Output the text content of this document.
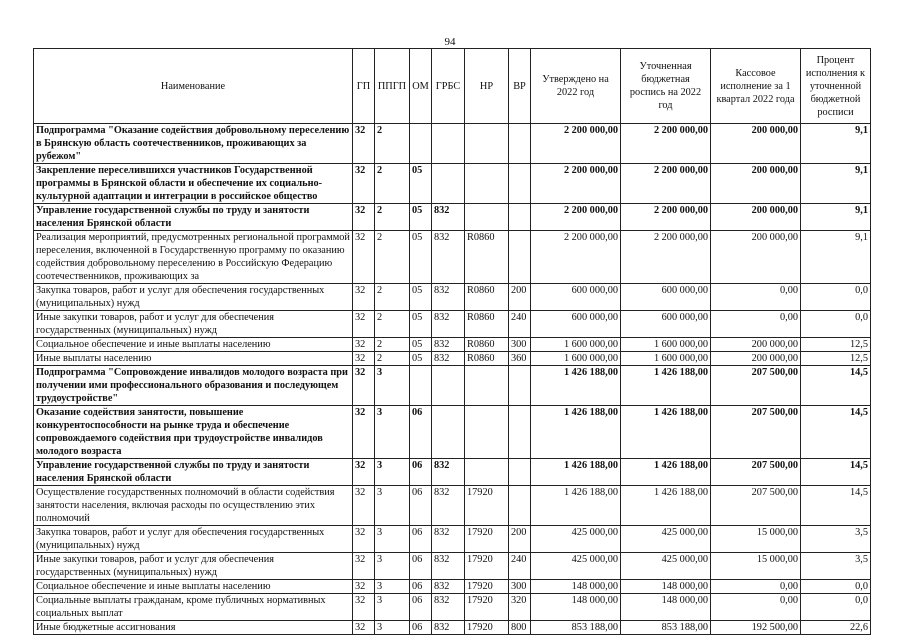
94
Наименование	ГП	ППГП	ОМ	ГРБС	НР	ВР	Утверждено на 2022 год	Уточненная бюджетная роспись на 2022 год	Кассовое исполнение за 1 квартал 2022 года	Процент исполнения к уточненной бюджетной росписи
Подпрограмма "Оказание содействия добровольному переселению в Брянскую область соотечественников, проживающих за рубежом"	32	2					2 200 000,00	2 200 000,00	200 000,00	9,1
Закрепление переселившихся участников Государственной программы в Брянской области и обеспечение их социально-культурной адаптации и интеграции в российское общество	32	2	05				2 200 000,00	2 200 000,00	200 000,00	9,1
Управление государственной службы по труду и занятости населения Брянской области	32	2	05	832			2 200 000,00	2 200 000,00	200 000,00	9,1
Реализация мероприятий, предусмотренных региональной программой переселения, включенной в Государственную программу по оказанию содействия добровольному переселению в Российскую Федерацию соотечественников, проживающих за	32	2	05	832	R0860		2 200 000,00	2 200 000,00	200 000,00	9,1
Закупка товаров, работ и услуг для обеспечения государственных (муниципальных) нужд	32	2	05	832	R0860	200	600 000,00	600 000,00	0,00	0,0
Иные закупки товаров, работ и услуг для обеспечения государственных (муниципальных) нужд	32	2	05	832	R0860	240	600 000,00	600 000,00	0,00	0,0
Социальное обеспечение и иные выплаты населению	32	2	05	832	R0860	300	1 600 000,00	1 600 000,00	200 000,00	12,5
Иные выплаты населению	32	2	05	832	R0860	360	1 600 000,00	1 600 000,00	200 000,00	12,5
Подпрограмма "Сопровождение инвалидов молодого возраста при получении ими профессионального образования и последующем трудоустройстве"	32	3					1 426 188,00	1 426 188,00	207 500,00	14,5
Оказание содействия занятости, повышение конкурентоспособности на рынке труда и обеспечение сопровождаемого содействия при трудоустройстве инвалидов молодого возраста	32	3	06				1 426 188,00	1 426 188,00	207 500,00	14,5
Управление государственной службы по труду и занятости населения Брянской области	32	3	06	832			1 426 188,00	1 426 188,00	207 500,00	14,5
Осуществление государственных полномочий в области содействия занятости населения, включая расходы по осуществлению этих полномочий	32	3	06	832	17920		1 426 188,00	1 426 188,00	207 500,00	14,5
Закупка товаров, работ и услуг для обеспечения государственных (муниципальных) нужд	32	3	06	832	17920	200	425 000,00	425 000,00	15 000,00	3,5
Иные закупки товаров, работ и услуг для обеспечения государственных (муниципальных) нужд	32	3	06	832	17920	240	425 000,00	425 000,00	15 000,00	3,5
Социальное обеспечение и иные выплаты населению	32	3	06	832	17920	300	148 000,00	148 000,00	0,00	0,0
Социальные выплаты гражданам, кроме публичных нормативных социальных выплат	32	3	06	832	17920	320	148 000,00	148 000,00	0,00	0,0
Иные бюджетные ассигнования	32	3	06	832	17920	800	853 188,00	853 188,00	192 500,00	22,6
